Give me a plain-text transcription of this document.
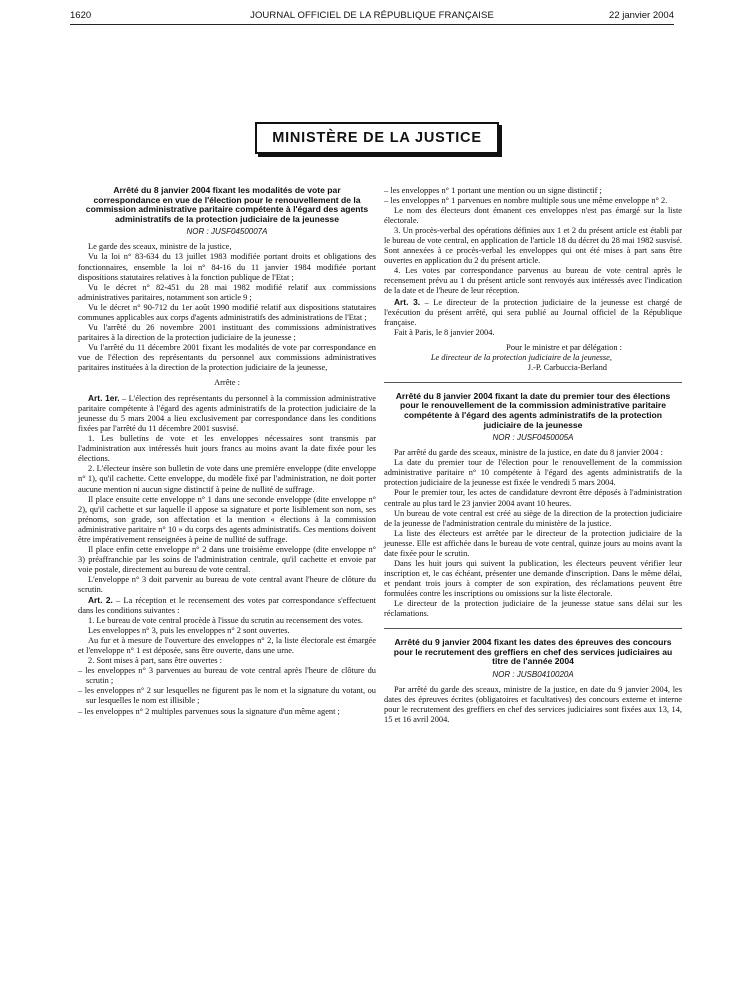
1620	JOURNAL OFFICIEL DE LA RÉPUBLIQUE FRANÇAISE	22 janvier 2004
MINISTÈRE DE LA JUSTICE
Arrêté du 8 janvier 2004 fixant les modalités de vote par correspondance en vue de l'élection pour le renouvellement de la commission administrative paritaire compétente à l'égard des agents administratifs de la protection judiciaire de la jeunesse
NOR : JUSF0450007A

Le garde des sceaux, ministre de la justice,

Vu la loi n° 83-634 du 13 juillet 1983 modifiée portant droits et obligations des fonctionnaires, ensemble la loi n° 84-16 du 11 janvier 1984 modifiée portant dispositions statutaires relatives à la fonction publique de l'Etat ;

Vu le décret n° 82-451 du 28 mai 1982 modifié relatif aux commissions administratives paritaires, notamment son article 9 ;

Vu le décret n° 90-712 du 1er août 1990 modifié relatif aux dispositions statutaires communes applicables aux corps d'agents administratifs des administrations de l'Etat ;

Vu l'arrêté du 26 novembre 2001 instituant des commissions administratives paritaires à la direction de la protection judiciaire de la jeunesse ;

Vu l'arrêté du 11 décembre 2001 fixant les modalités de vote par correspondance en vue de l'élection des représentants du personnel aux commissions administratives paritaires instituées à la direction de la protection judiciaire de la jeunesse,

Arrête :

Art. 1er. – L'élection des représentants du personnel à la commission administrative paritaire compétente à l'égard des agents administratifs de la protection judiciaire de la jeunesse du 5 mars 2004 a lieu exclusivement par correspondance dans les conditions fixées par l'arrêté du 11 décembre 2001 susvisé.

1. Les bulletins de vote et les enveloppes nécessaires sont transmis par l'administration aux intéressés huit jours francs au moins avant la date fixée pour les élections.

2. L'électeur insère son bulletin de vote dans une première enveloppe (dite enveloppe n° 1), qu'il cachette. Cette enveloppe, du modèle fixé par l'administration, ne doit porter aucune mention ni aucun signe distinctif à peine de nullité de suffrage.

Il place ensuite cette enveloppe n° 1 dans une seconde enveloppe (dite enveloppe n° 2), qu'il cachette et sur laquelle il appose sa signature et porte lisiblement son nom, ses prénoms, son grade, son affectation et la mention « élections à la commission administrative paritaire n° 10 » du corps des agents administratifs. Ces mentions doivent être impérativement renseignées à peine de nullité de suffrage.

Il place enfin cette enveloppe n° 2 dans une troisième enveloppe (dite enveloppe n° 3) préaffranchie par les soins de l'administration centrale, qu'il cachette et envoie par voie postale, directement au bureau de vote central.

L'enveloppe n° 3 doit parvenir au bureau de vote central avant l'heure de clôture du scrutin.

Art. 2. – La réception et le recensement des votes par correspondance s'effectuent dans les conditions suivantes :

1. Le bureau de vote central procède à l'issue du scrutin au recensement des votes.

Les enveloppes n° 3, puis les enveloppes n° 2 sont ouvertes.

Au fur et à mesure de l'ouverture des enveloppes n° 2, la liste électorale est émargée et l'enveloppe n° 1 est déposée, sans être ouverte, dans une urne.

2. Sont mises à part, sans être ouvertes :

– les enveloppes n° 3 parvenues au bureau de vote central après l'heure de clôture du scrutin ;

– les enveloppes n° 2 sur lesquelles ne figurent pas le nom et la signature du votant, ou sur lesquelles le nom est illisible ;

– les enveloppes n° 2 multiples parvenues sous la signature d'un même agent ;

– les enveloppes n° 1 portant une mention ou un signe distinctif ;

– les enveloppes n° 1 parvenues en nombre multiple sous une même enveloppe n° 2.

Le nom des électeurs dont émanent ces enveloppes n'est pas émargé sur la liste électorale.

3. Un procès-verbal des opérations définies aux 1 et 2 du présent article est établi par le bureau de vote central, en application de l'article 18 du décret du 28 mai 1982 susvisé. Sont annexées à ce procès-verbal les enveloppes qui ont été mises à part sans être ouvertes en application du 2 du présent article.

4. Les votes par correspondance parvenus au bureau de vote central après le recensement prévu au 1 du présent article sont renvoyés aux intéressés avec l'indication de la date et de l'heure de leur réception.

Art. 3. – Le directeur de la protection judiciaire de la jeunesse est chargé de l'exécution du présent arrêté, qui sera publié au Journal officiel de la République française.

Fait à Paris, le 8 janvier 2004.

Pour le ministre et par délégation :

Le directeur de la protection judiciaire de la jeunesse,

J.-P. Carbuccia-Berland

Arrêté du 8 janvier 2004 fixant la date du premier tour des élections pour le renouvellement de la commission administrative paritaire compétente à l'égard des agents administratifs de la protection judiciaire de la jeunesse
NOR : JUSF0450005A

Par arrêté du garde des sceaux, ministre de la justice, en date du 8 janvier 2004 :

La date du premier tour de l'élection pour le renouvellement de la commission administrative paritaire n° 10 compétente à l'égard des agents administratifs de la protection judiciaire de la jeunesse est fixée le vendredi 5 mars 2004.

Pour le premier tour, les actes de candidature devront être déposés à l'administration centrale au plus tard le 23 janvier 2004 avant 10 heures.

Un bureau de vote central est créé au siège de la direction de la protection judiciaire de la jeunesse de l'administration centrale du ministère de la justice.

La liste des électeurs est arrêtée par le directeur de la protection judiciaire de la jeunesse. Elle est affichée dans le bureau de vote central, quinze jours au moins avant la date fixée pour le scrutin.

Dans les huit jours qui suivent la publication, les électeurs peuvent vérifier leur inscription et, le cas échéant, présenter une demande d'inscription. Dans le même délai, et pendant trois jours à compter de son expiration, des réclamations peuvent être formulées contre les inscriptions ou omissions sur la liste électorale.

Le directeur de la protection judiciaire de la jeunesse statue sans délai sur les réclamations.

Arrêté du 9 janvier 2004 fixant les dates des épreuves des concours pour le recrutement des greffiers en chef des services judiciaires au titre de l'année 2004
NOR : JUSB0410020A

Par arrêté du garde des sceaux, ministre de la justice, en date du 9 janvier 2004, les dates des épreuves écrites (obligatoires et facultatives) des concours externe et interne pour le recrutement des greffiers en chef des services judiciaires sont fixées aux 13, 14, 15 et 16 avril 2004.
